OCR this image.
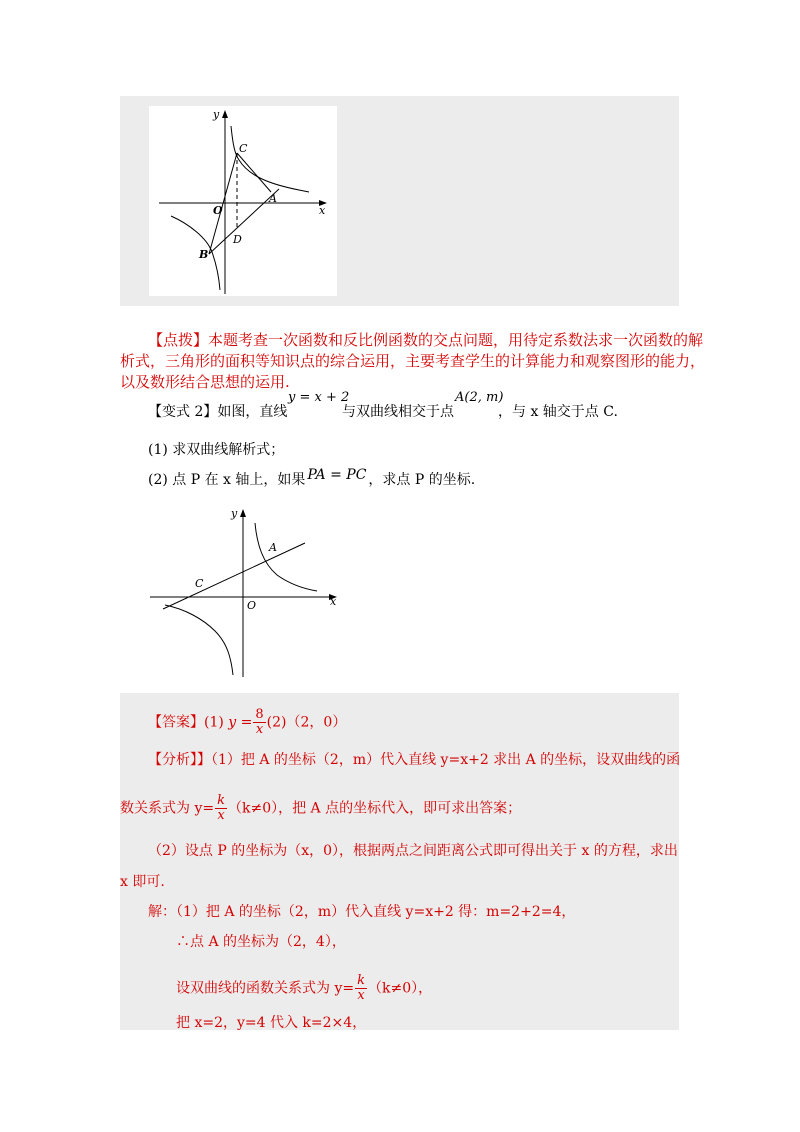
y
x
O
C
A
D
B
【点拨】本题考查一次函数和反比例函数的交点问题，用待定系数法求一次函数的解
析式，三角形的面积等知识点的综合运用，主要考查学生的计算能力和观察图形的能力，
以及数形结合思想的运用.
【变式 2】如图，直线
y = x + 2
与双曲线相交于点
A(2, m)
，与 x 轴交于点 C.
(1) 求双曲线解析式；
(2) 点 P 在 x 轴上，如果 PA = PC ，求点 P 的坐标.
y
x
O
A
C
【答案】(1) $y = \frac{8}{x} (2)(2$，0）
【分析】】（1）把 A 的坐标（2，m）代入直线 y=x+2 求出 A 的坐标，设双曲线的函
数关系式为 $y= \frac{k}{x} (k\ne 0)$，把 A 点的坐标代入，即可求出答案；
（2）设点 P 的坐标为（x，0），根据两点之间距离公式即可得出关于 x 的方程，求出
x 即可.
解：（1）把 A 的坐标（2，m）代入直线 y=x+2 得：m=2+2=4，
∴点 A 的坐标为（2，4），
设双曲线的函数关系式为 $y= \frac{k}{x} (k\ne 0)$，
把 x=2，y=4 代入 k=2×4，
